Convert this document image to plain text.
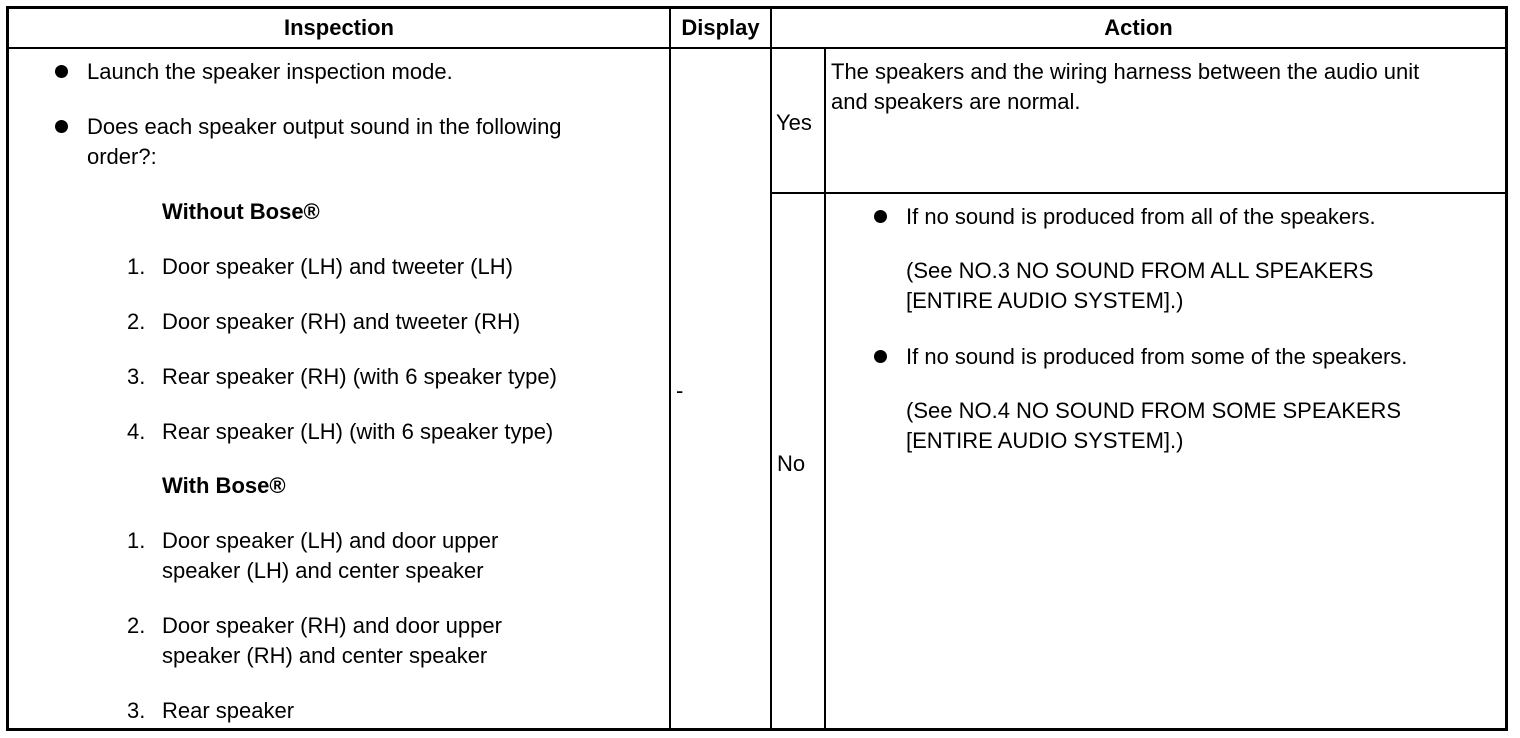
Inspection	Display	Action
Launch the speaker inspection mode.
Does each speaker output sound in the following
order?:
Without Bose®
1. Door speaker (LH) and tweeter (LH)
2. Door speaker (RH) and tweeter (RH)
3. Rear speaker (RH) (with 6 speaker type)
4. Rear speaker (LH) (with 6 speaker type)
With Bose®
1. Door speaker (LH) and door upper
speaker (LH) and center speaker
2. Door speaker (RH) and door upper
speaker (RH) and center speaker
3. Rear speaker
-
Yes
The speakers and the wiring harness between the audio unit
and speakers are normal.
No
If no sound is produced from all of the speakers.
(See NO.3 NO SOUND FROM ALL SPEAKERS
[ENTIRE AUDIO SYSTEM].)
If no sound is produced from some of the speakers.
(See NO.4 NO SOUND FROM SOME SPEAKERS
[ENTIRE AUDIO SYSTEM].)
